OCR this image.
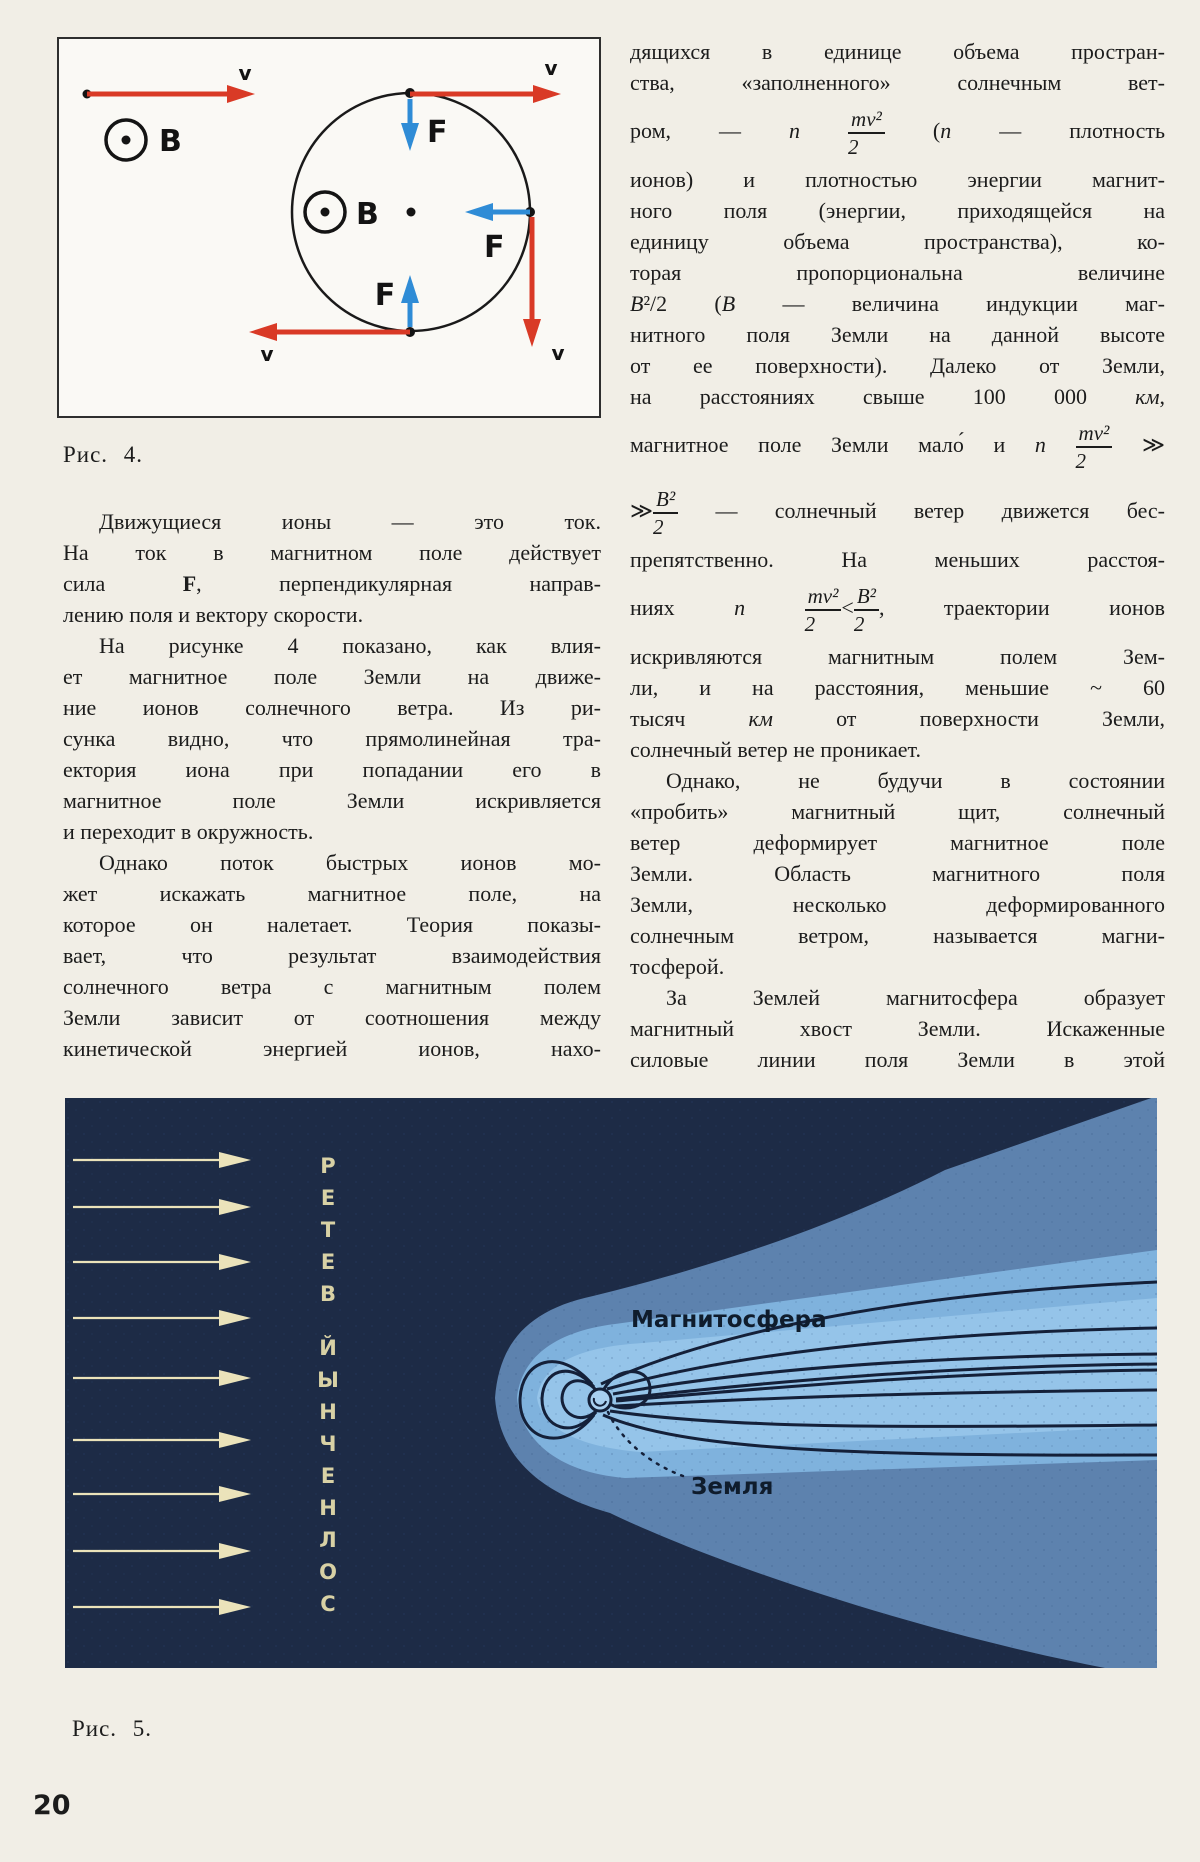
v
B
v
F
B
F
v
v
F
Рис. 4.
Движущиеся ионы — это ток.
На ток в магнитном поле действует
сила F, перпендикулярная направ-
лению поля и вектору скорости.
На рисунке 4 показано, как влия-
ет магнитное поле Земли на движе-
ние ионов солнечного ветра. Из ри-
сунка видно, что прямолинейная тра-
ектория иона при попадании его в
магнитное поле Земли искривляется
и переходит в окружность.
Однако поток быстрых ионов мо-
жет искажать магнитное поле, на
которое он налетает. Теория показы-
вает, что результат взаимодействия
солнечного ветра с магнитным полем
Земли зависит от соотношения между
кинетической энергией ионов, нахо-
дящихся в единице объема простран-
ства, «заполненного» солнечным вет-
ром, — n $\frac{\text{mv²}}{2} (n$ — плотность
ионов) и плотностью энергии магнит-
ного поля (энергии, приходящейся на
единицу объема пространства), ко-
торая пропорциональна величине
B²/2 (B — величина индукции маг-
нитного поля Земли на данной высоте
от ее поверхности). Далеко от Земли,
на расстояниях свыше 100 000 км,
магнитное поле Земли мало́ и n $\frac{\text{mv²}}{2}$ ≫
≫ $\frac{\text{B²}}{2}$ — солнечный ветер движется бес-
препятственно. На меньших расстоя-
ниях n	$\frac{\text{mv²}}{2} < \frac{\text{B²}}{2}$ , траектории ионов
искривляются магнитным полем Зем-
ли, и на расстояния, меньшие ~ 60
тысяч км от поверхности Земли,
солнечный ветер не проникает.
Однако, не будучи в состоянии
«пробить» магнитный щит, солнечный
ветер деформирует магнитное поле
Земли. Область магнитного поля
Земли, несколько деформированного
солнечным ветром, называется магни-
тосферой.
За Землей магнитосфера образует
магнитный хвост Земли. Искаженные
силовые линии поля Земли в этой
Магнитосфера
Земля
Р
Е
Т
Е
В
Й
Ы
Н
Ч
Е
Н
Л
О
С
Рис. 5.
20
